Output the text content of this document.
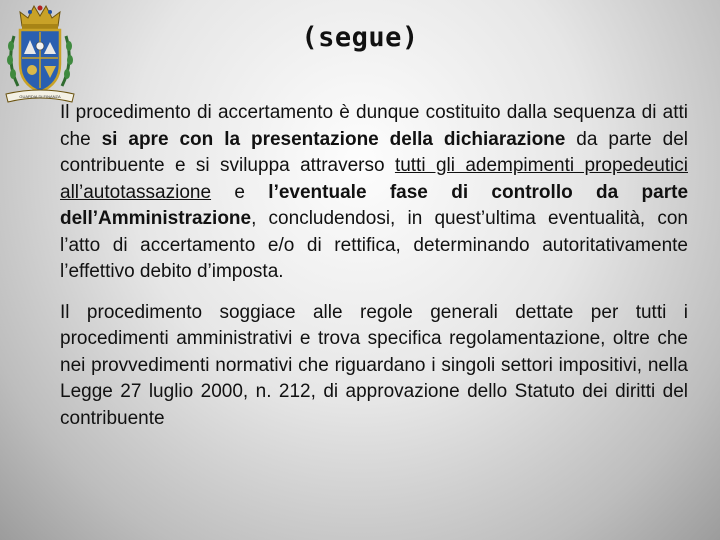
GUARDIA DI FINANZA
(segue)

Il procedimento di accertamento è dunque costituito dalla sequenza di atti che si apre con la presentazione della dichiarazione da parte del contribuente e si sviluppa attraverso tutti gli adempimenti propedeutici all’autotassazione e l’eventuale fase di controllo da parte dell’Amministrazione, concludendosi, in quest’ultima eventualità, con l’atto di accertamento e/o di rettifica, determinando autoritativamente l’effettivo debito d’imposta.

Il procedimento soggiace alle regole generali dettate per tutti i procedimenti amministrativi e trova specifica regolamentazione, oltre che nei provvedimenti normativi che riguardano i singoli settori impositivi, nella Legge 27 luglio 2000, n. 212, di approvazione dello Statuto dei diritti del contribuente
